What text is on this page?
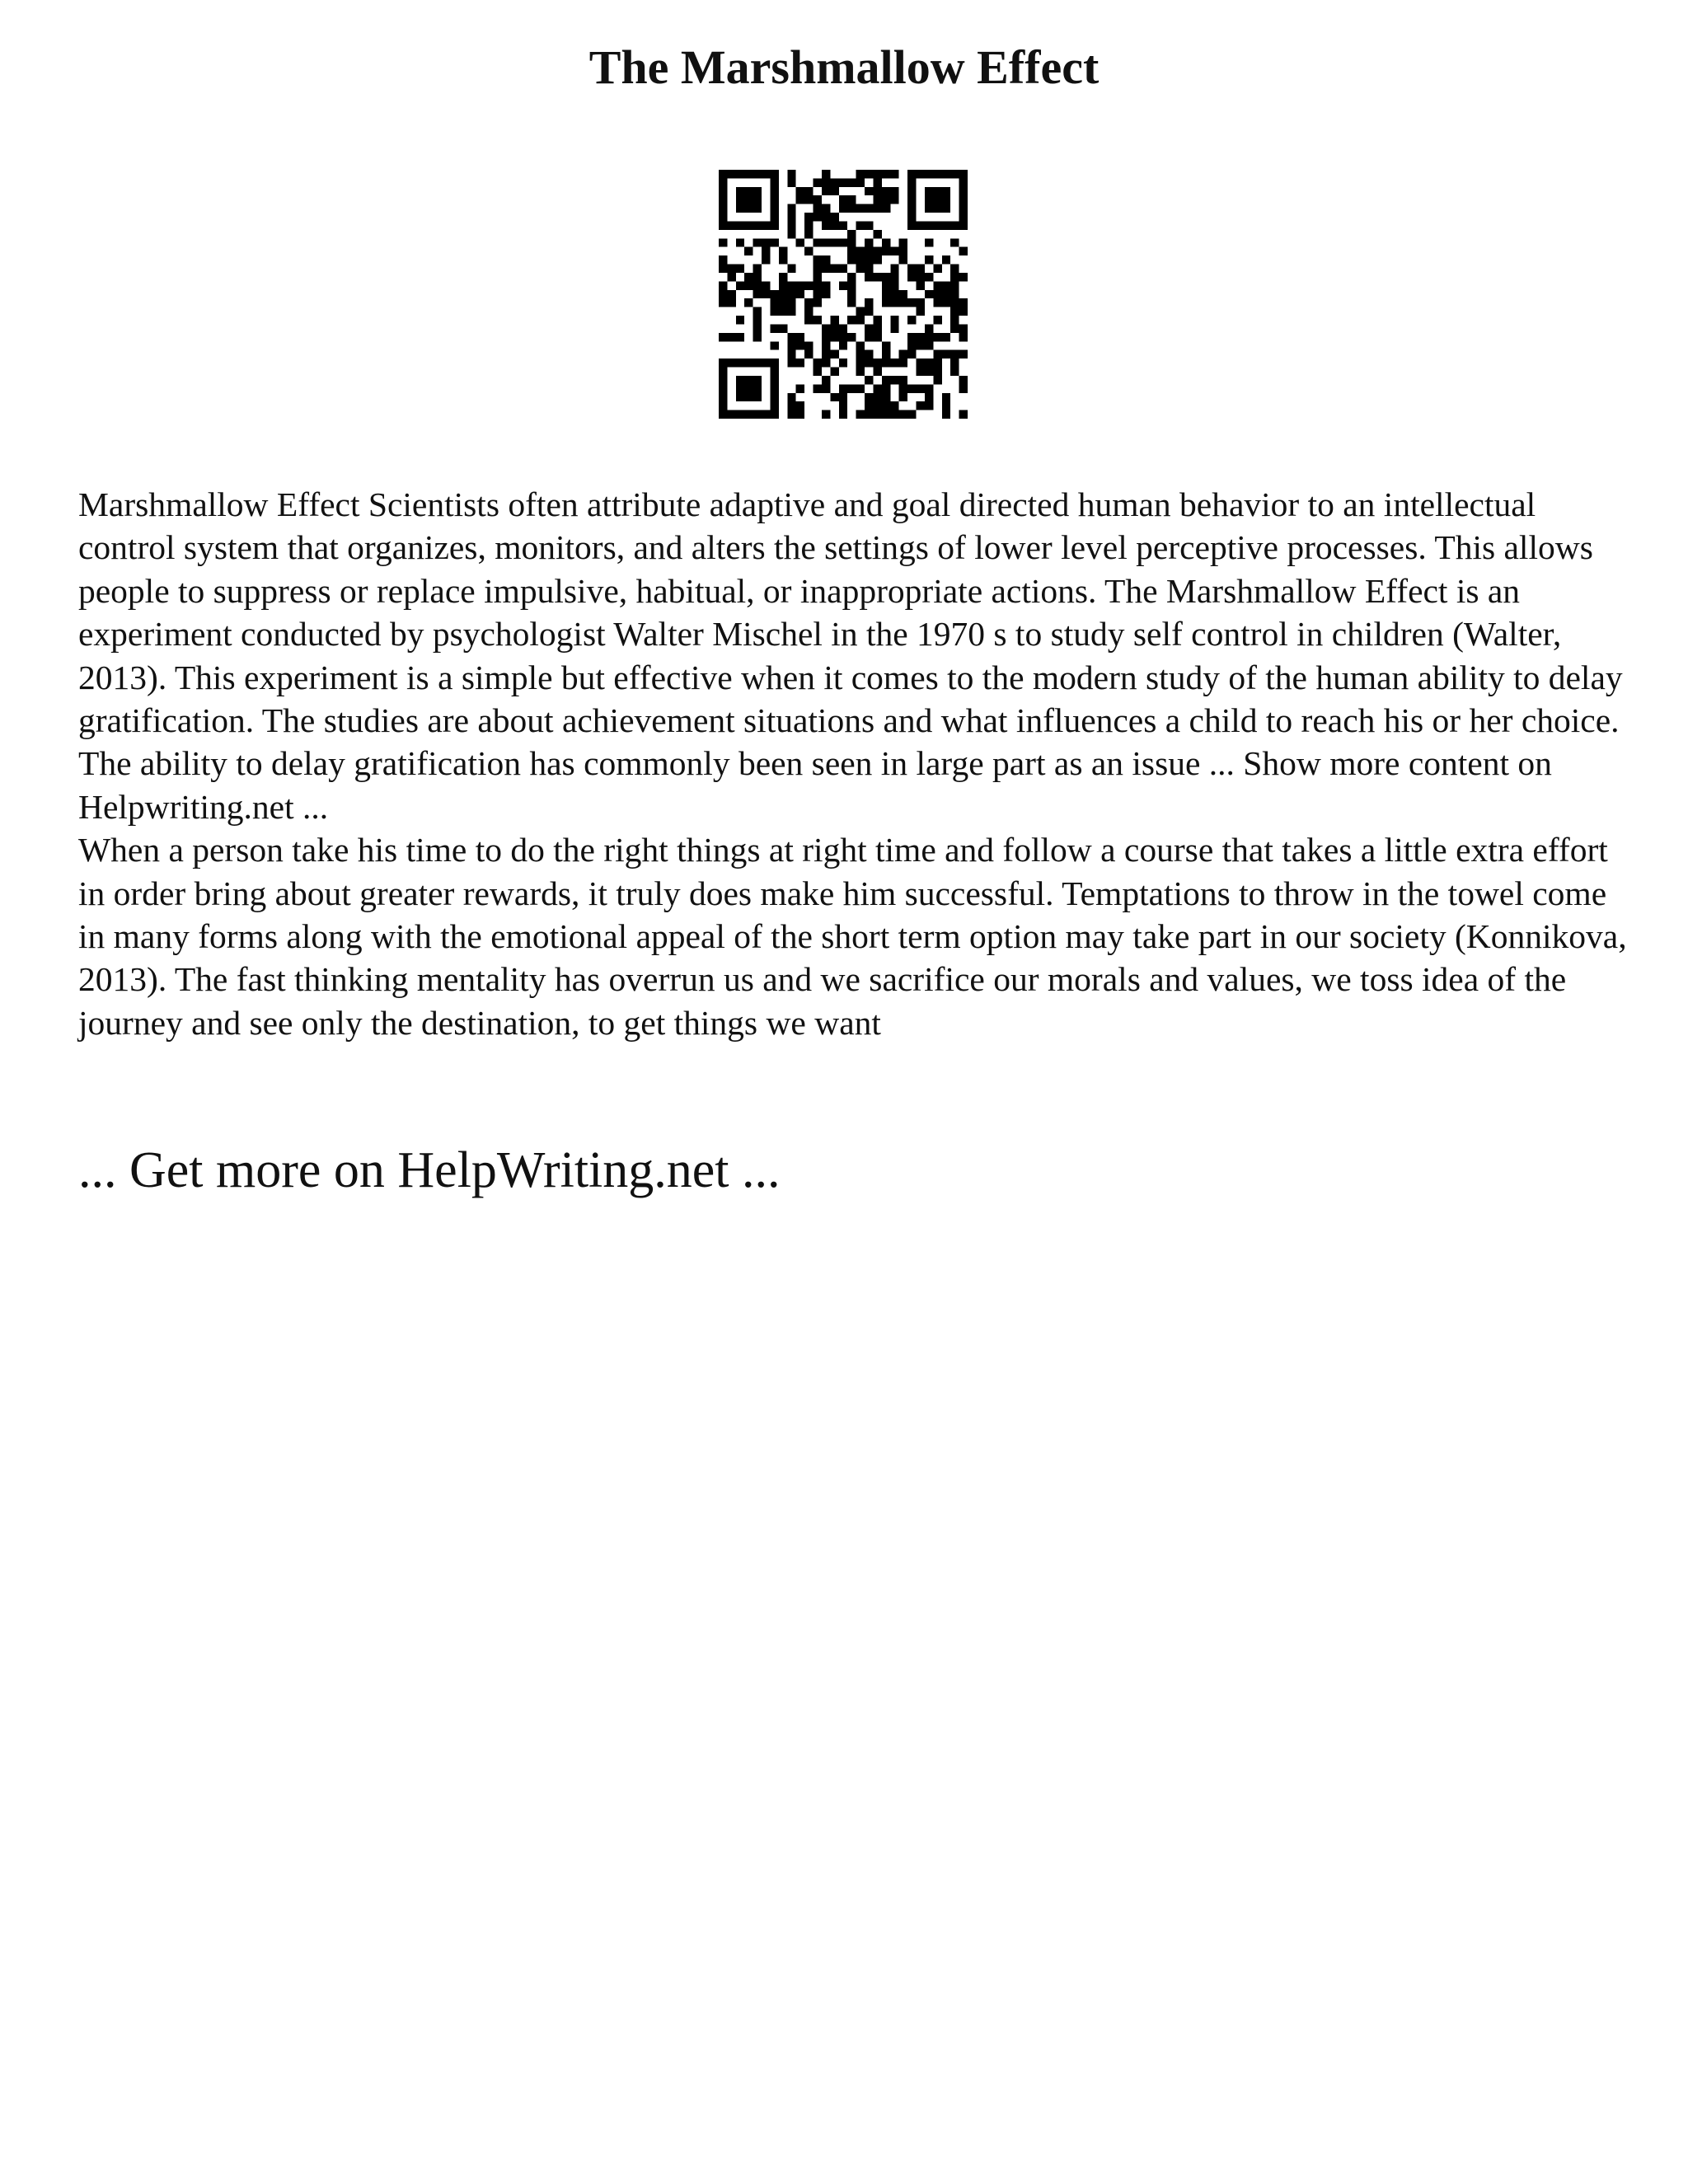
The Marshmallow Effect

Marshmallow Effect Scientists often attribute adaptive and goal directed human behavior to an intellectual control system that organizes, monitors, and alters the settings of lower level perceptive processes. This allows people to suppress or replace impulsive, habitual, or inappropriate actions. The Marshmallow Effect is an experiment conducted by psychologist Walter Mischel in the 1970 s to study self control in children (Walter, 2013). This experiment is a simple but effective when it comes to the modern study of the human ability to delay gratification. The studies are about achievement situations and what influences a child to reach his or her choice. The ability to delay gratification has commonly been seen in large part as an issue ... Show more content on Helpwriting.net ...

When a person take his time to do the right things at right time and follow a course that takes a little extra effort in order bring about greater rewards, it truly does make him successful. Temptations to throw in the towel come in many forms along with the emotional appeal of the short term option may take part in our society (Konnikova, 2013). The fast thinking mentality has overrun us and we sacrifice our morals and values, we toss idea of the journey and see only the destination, to get things we want

... Get more on HelpWriting.net ...
